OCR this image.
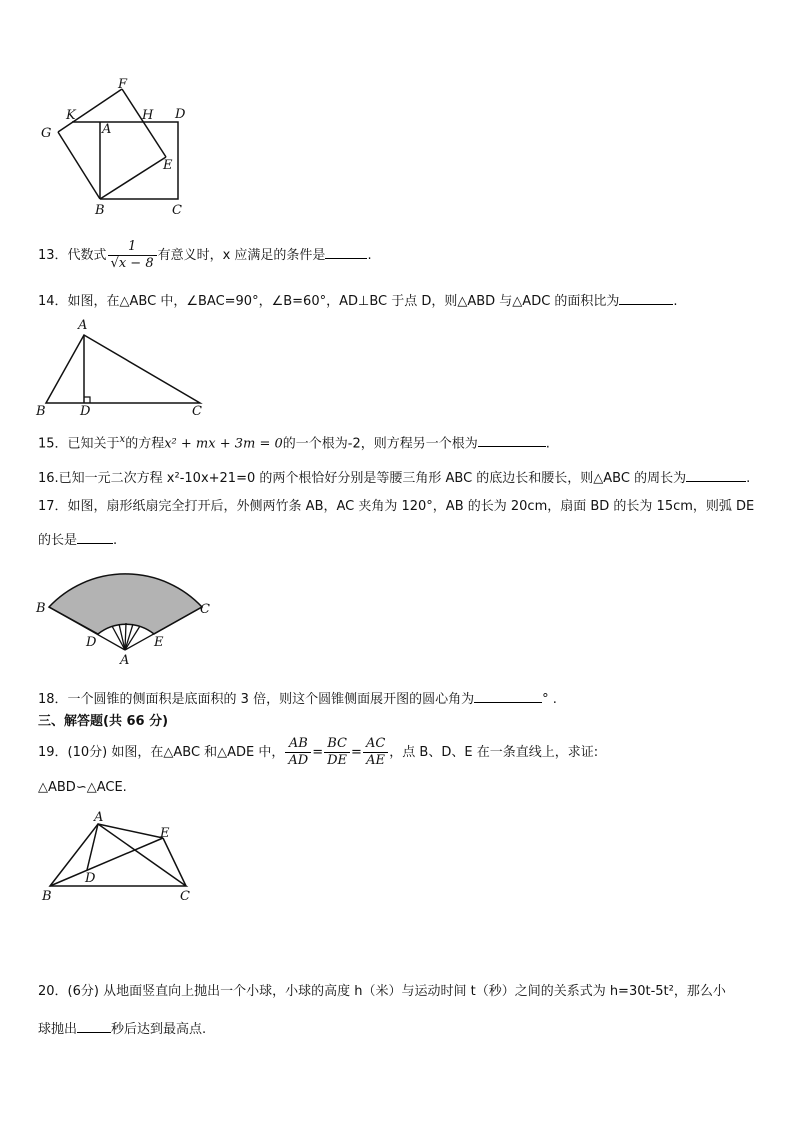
F
K	H D
G	A
E
B	C
13．代数式 $\frac{1}{√x - 8}$ 有意义时，x 应满足的条件是	.
14．如图，在△ABC 中，∠BAC=90°，∠B=60°，AD⊥BC 于点 D，则△ABD 与△ADC 的面积比为	.
A
B	D	C
15．已知关于$^x$的方程x² + mx + 3m = 0的一个根为-2，则方程另一个根为	.
16.已知一元二次方程 x²-10x+21=0 的两个根恰好分别是等腰三角形 ABC 的底边长和腰长，则△ABC 的周长为	.
17．如图，扇形纸扇完全打开后，外侧两竹条 AB，AC 夹角为 120°，AB 的长为 20cm，扇面 BD 的长为 15cm，则弧 DE
的长是	.
B	C
D	E
A
18．一个圆锥的侧面积是底面积的 3 倍，则这个圆锥侧面展开图的圆心角为	° .
三、解答题(共 66 分)
19．(10分) 如图，在△ABC 和△ADE 中， $\frac{AB}{AD} = \frac{BC}{DE} = \frac{AC}{AE}$ ，点 B、D、E 在一条直线上，求证:
△ABD∽△ACE.
A
E
D
B	C
20．(6分) 从地面竖直向上抛出一个小球，小球的高度 h（米）与运动时间 t（秒）之间的关系式为 h=30t-5t²，那么小
球抛出	秒后达到最高点.
